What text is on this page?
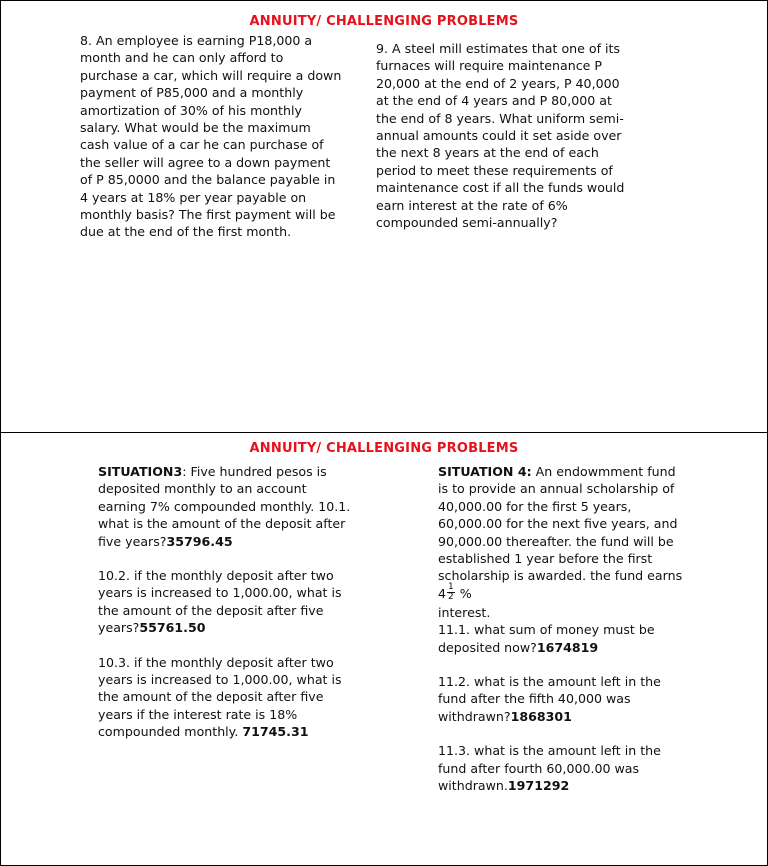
ANNUITY/ CHALLENGING PROBLEMS

8. An employee is earning P18,000 a month and he can only afford to purchase a car, which will require a down payment of P85,000 and a monthly amortization of 30% of his monthly salary. What would be the maximum cash value of a car he can purchase of the seller will agree to a down payment of P 85,0000 and the balance payable in 4 years at 18% per year payable on monthly basis? The first payment will be due at the end of the first month.

9. A steel mill estimates that one of its furnaces will require maintenance P 20,000 at the end of 2 years, P 40,000 at the end of 4 years and P 80,000 at the end of 8 years. What uniform semi-annual amounts could it set aside over the next 8 years at the end of each period to meet these requirements of maintenance cost if all the funds would earn interest at the rate of 6% compounded semi-annually?

ANNUITY/ CHALLENGING PROBLEMS

SITUATION3: Five hundred pesos is deposited monthly to an account earning 7% compounded monthly. 10.1. what is the amount of the deposit after five years?35796.45

10.2. if the monthly deposit after two years is increased to 1,000.00, what is the amount of the deposit after five years?55761.50

10.3. if the monthly deposit after two years is increased to 1,000.00, what is the amount of the deposit after five years if the interest rate is 18% compounded monthly. 71745.31

SITUATION 4: An endowmment fund is to provide an annual scholarship of 40,000.00 for the first 5 years, 60,000.00 for the next five years, and 90,000.00 thereafter. the fund will be established 1 year before the first scholarship is awarded. the fund earns $4 \frac{1}{2}$ %
interest.
11.1. what sum of money must be deposited now?1674819

11.2. what is the amount left in the fund after the fifth 40,000 was withdrawn?1868301

11.3. what is the amount left in the fund after fourth 60,000.00 was withdrawn.1971292
